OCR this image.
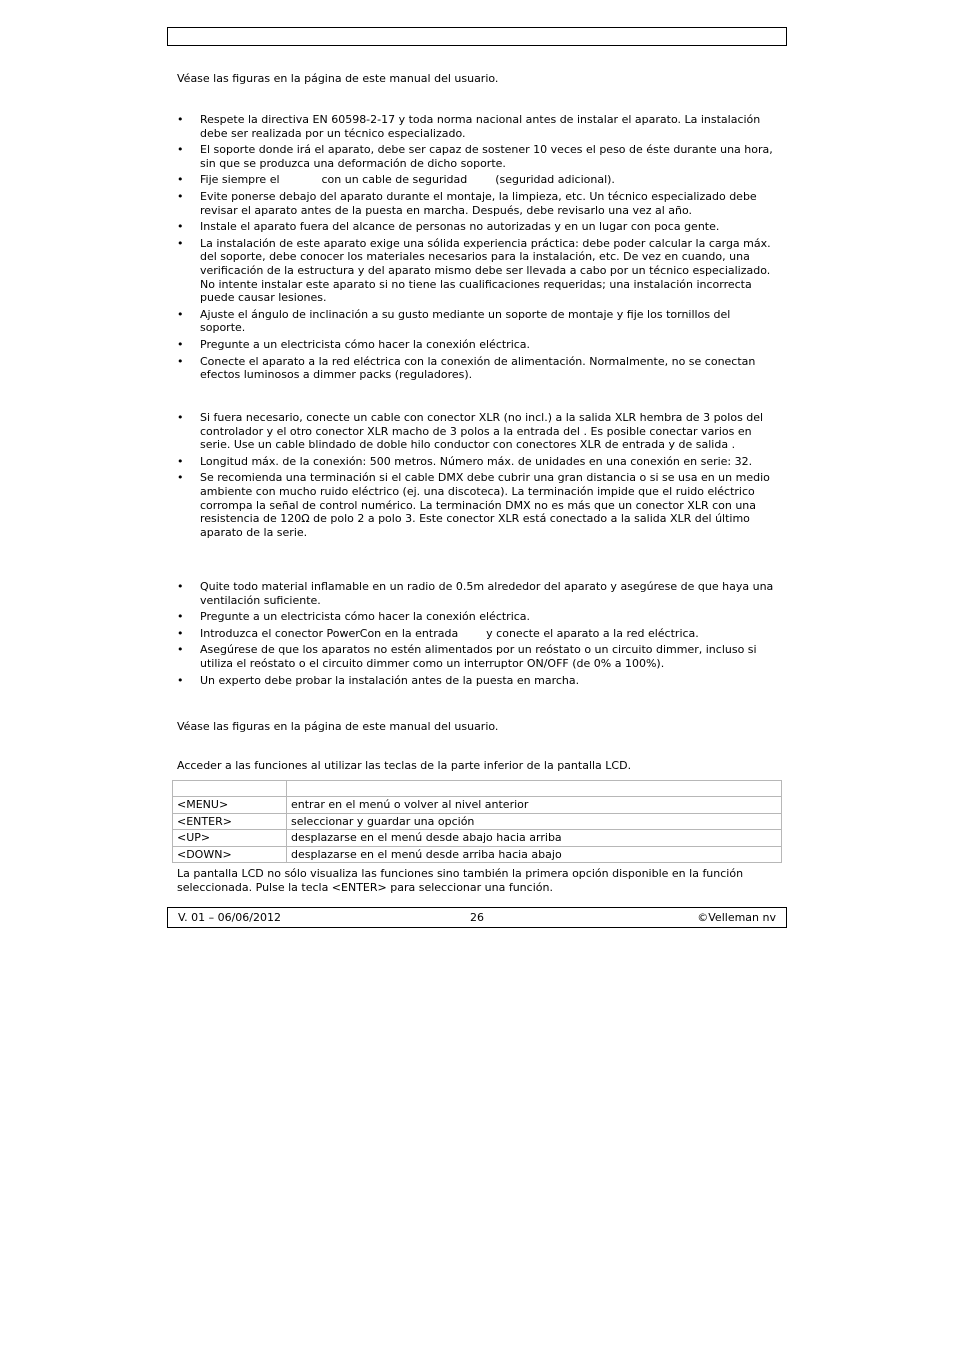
Véase las figuras en la página de este manual del usuario.

• Respete la directiva EN 60598-2-17 y toda norma nacional antes de instalar el aparato. La instalación debe ser realizada por un técnico especializado.
• El soporte donde irá el aparato, debe ser capaz de sostener 10 veces el peso de éste durante una hora, sin que se produzca una deformación de dicho soporte.
• Fije siempre el            con un cable de seguridad        (seguridad adicional).
• Evite ponerse debajo del aparato durante el montaje, la limpieza, etc. Un técnico especializado debe revisar el aparato antes de la puesta en marcha. Después, debe revisarlo una vez al año.
• Instale el aparato fuera del alcance de personas no autorizadas y en un lugar con poca gente.
• La instalación de este aparato exige una sólida experiencia práctica: debe poder calcular la carga máx. del soporte, debe conocer los materiales necesarios para la instalación, etc. De vez en cuando, una verificación de la estructura y del aparato mismo debe ser llevada a cabo por un técnico especializado. No intente instalar este aparato si no tiene las cualificaciones requeridas; una instalación incorrecta puede causar lesiones.
• Ajuste el ángulo de inclinación a su gusto mediante un soporte de montaje y fije los tornillos del soporte.
• Pregunte a un electricista cómo hacer la conexión eléctrica.
• Conecte el aparato a la red eléctrica con la conexión de alimentación. Normalmente, no se conectan efectos luminosos a dimmer packs (reguladores).
• Si fuera necesario, conecte un cable con conector XLR (no incl.) a la salida XLR hembra de 3 polos del controlador y el otro conector XLR macho de 3 polos a la entrada del . Es posible conectar varios en serie. Use un cable blindado de doble hilo conductor con conectores XLR de entrada y de salida .
• Longitud máx. de la conexión: 500 metros. Número máx. de unidades en una conexión en serie: 32.
• Se recomienda una terminación si el cable DMX debe cubrir una gran distancia o si se usa en un medio ambiente con mucho ruido eléctrico (ej. una discoteca). La terminación impide que el ruido eléctrico corrompa la señal de control numérico. La terminación DMX no es más que un conector XLR con una resistencia de 120Ω de polo 2 a polo 3. Este conector XLR está conectado a la salida XLR del último aparato de la serie.
• Quite todo material inflamable en un radio de 0.5m alrededor del aparato y asegúrese de que haya una ventilación suficiente.
• Pregunte a un electricista cómo hacer la conexión eléctrica.
• Introduzca el conector PowerCon en la entrada        y conecte el aparato a la red eléctrica.
• Asegúrese de que los aparatos no estén alimentados por un reóstato o un circuito dimmer, incluso si utiliza el reóstato o el circuito dimmer como un interruptor ON/OFF (de 0% a 100%).
• Un experto debe probar la instalación antes de la puesta en marcha.

Véase las figuras en la página de este manual del usuario.

Acceder a las funciones al utilizar las teclas de la parte inferior de la pantalla LCD.

<MENU>	entrar en el menú o volver al nivel anterior
<ENTER>	seleccionar y guardar una opción
<UP>	desplazarse en el menú desde abajo hacia arriba
<DOWN>	desplazarse en el menú desde arriba hacia abajo

La pantalla LCD no sólo visualiza las funciones sino también la primera opción disponible en la función seleccionada. Pulse la tecla <ENTER> para seleccionar una función.

V. 01 – 06/06/2012	26	©Velleman nv
